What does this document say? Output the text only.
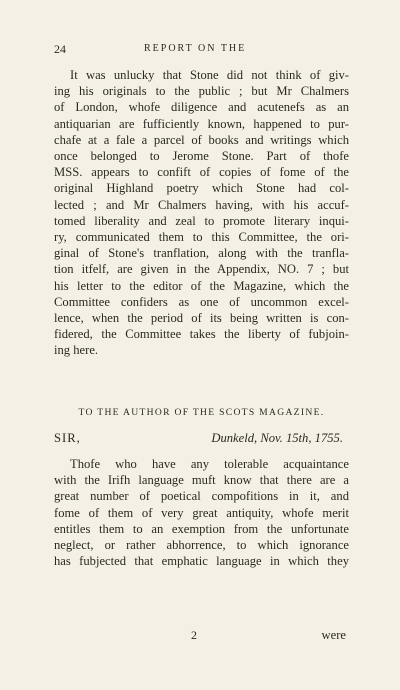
24	REPORT ON THE
It was unlucky that Stone did not think of giv-
ing his originals to the public ; but Mr Chalmers
of London, whofe diligence and acutenefs as an
antiquarian are fufficiently known, happened to pur-
chafe at a fale a parcel of books and writings which
once belonged to Jerome Stone. Part of thofe
MSS. appears to confift of copies of fome of the
original Highland poetry which Stone had col-
lected ; and Mr Chalmers having, with his accuf-
tomed liberality and zeal to promote literary inqui-
ry, communicated them to this Committee, the ori-
ginal of Stone's tranflation, along with the tranfla-
tion itfelf, are given in the Appendix, NO. 7 ; but
his letter to the editor of the Magazine, which the
Committee confiders as one of uncommon excel-
lence, when the period of its being written is con-
fidered, the Committee takes the liberty of fubjoin-
ing here.
TO THE AUTHOR OF THE SCOTS MAGAZINE.
SIR,	Dunkeld, Nov. 15th, 1755.
Thofe who have any tolerable acquaintance
with the Irifh language muft know that there are a
great number of poetical compofitions in it, and
fome of them of very great antiquity, whofe merit
entitles them to an exemption from the unfortunate
neglect, or rather abhorrence, to which ignorance
has fubjected that emphatic language in which they
2	were
